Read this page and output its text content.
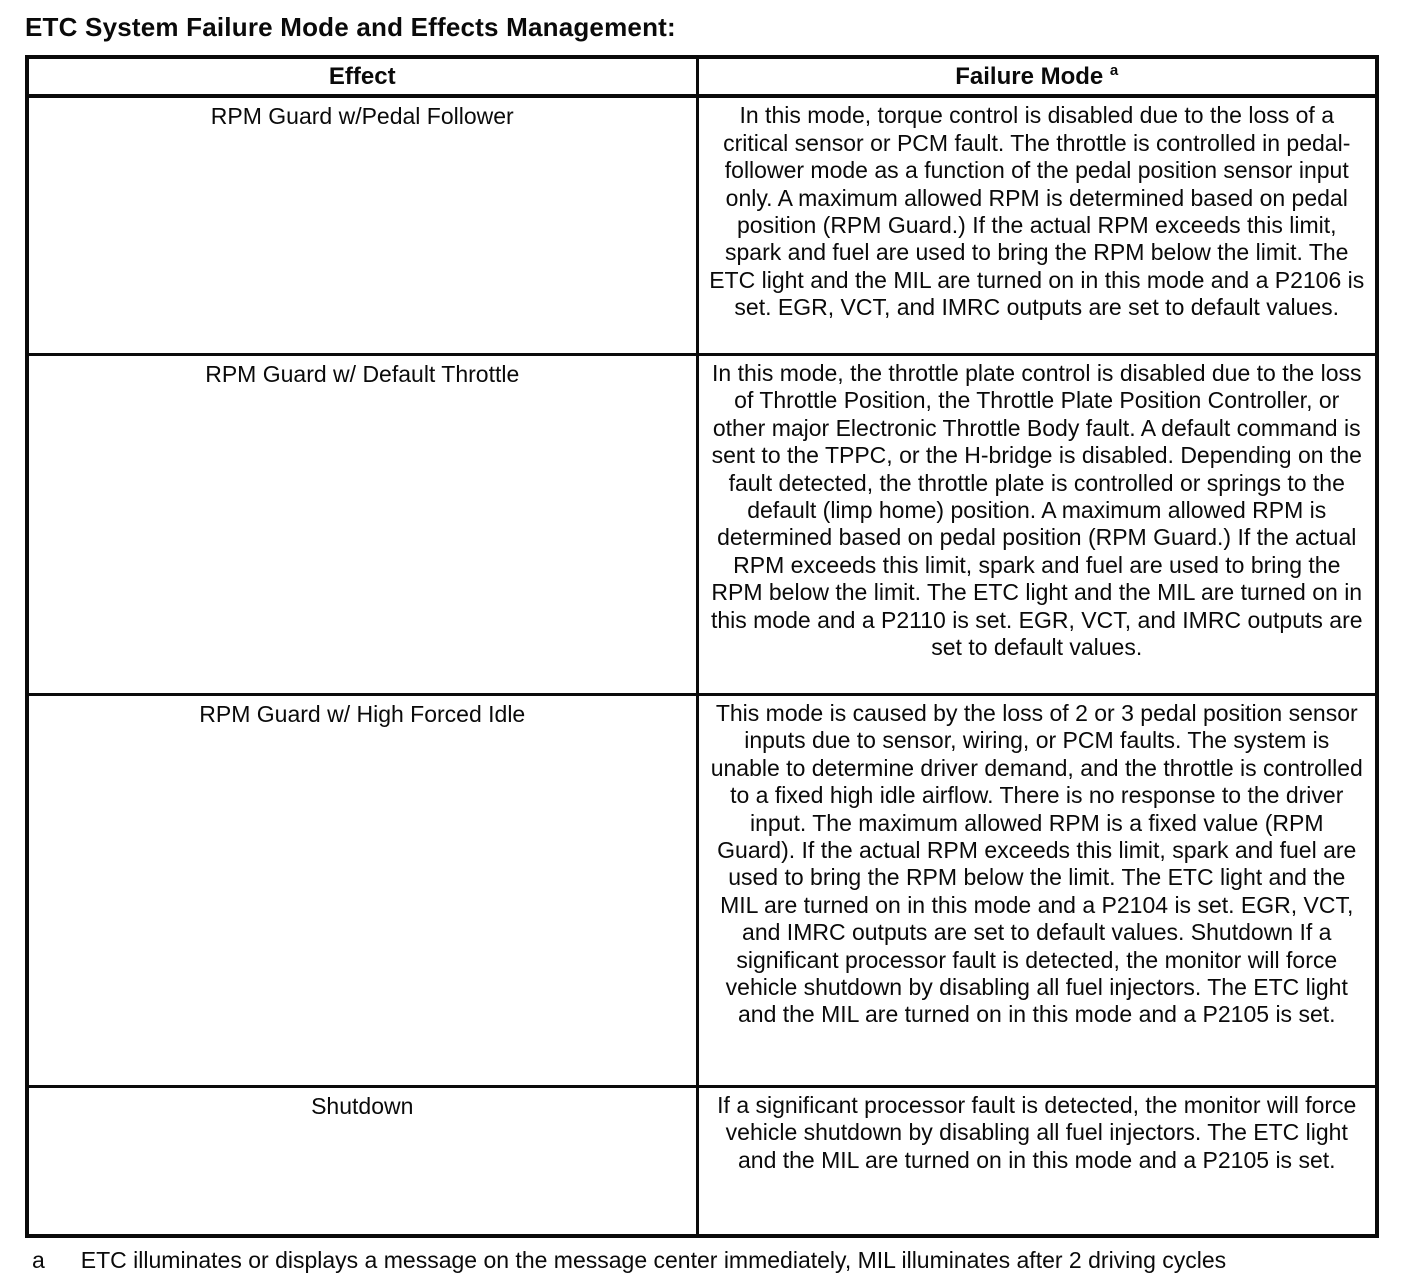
ETC System Failure Mode and Effects Management:
Effect	Failure Mode $^a$
RPM Guard w/Pedal Follower	In this mode, torque control is disabled due to the loss of a critical sensor or PCM fault. The throttle is controlled in pedal-follower mode as a function of the pedal position sensor input only. A maximum allowed RPM is determined based on pedal position (RPM Guard.) If the actual RPM exceeds this limit, spark and fuel are used to bring the RPM below the limit. The ETC light and the MIL are turned on in this mode and a P2106 is set. EGR, VCT, and IMRC outputs are set to default values.
RPM Guard w/ Default Throttle	In this mode, the throttle plate control is disabled due to the loss of Throttle Position, the Throttle Plate Position Controller, or other major Electronic Throttle Body fault. A default command is sent to the TPPC, or the H-bridge is disabled. Depending on the fault detected, the throttle plate is controlled or springs to the default (limp home) position. A maximum allowed RPM is determined based on pedal position (RPM Guard.) If the actual RPM exceeds this limit, spark and fuel are used to bring the RPM below the limit. The ETC light and the MIL are turned on in this mode and a P2110 is set. EGR, VCT, and IMRC outputs are set to default values.
RPM Guard w/ High Forced Idle	This mode is caused by the loss of 2 or 3 pedal position sensor inputs due to sensor, wiring, or PCM faults. The system is unable to determine driver demand, and the throttle is controlled to a fixed high idle airflow. There is no response to the driver input. The maximum allowed RPM is a fixed value (RPM Guard). If the actual RPM exceeds this limit, spark and fuel are used to bring the RPM below the limit. The ETC light and the MIL are turned on in this mode and a P2104 is set. EGR, VCT, and IMRC outputs are set to default values. Shutdown If a significant processor fault is detected, the monitor will force vehicle shutdown by disabling all fuel injectors. The ETC light and the MIL are turned on in this mode and a P2105 is set.
Shutdown	If a significant processor fault is detected, the monitor will force vehicle shutdown by disabling all fuel injectors. The ETC light and the MIL are turned on in this mode and a P2105 is set.
a ETC illuminates or displays a message on the message center immediately, MIL illuminates after 2 driving cycles
